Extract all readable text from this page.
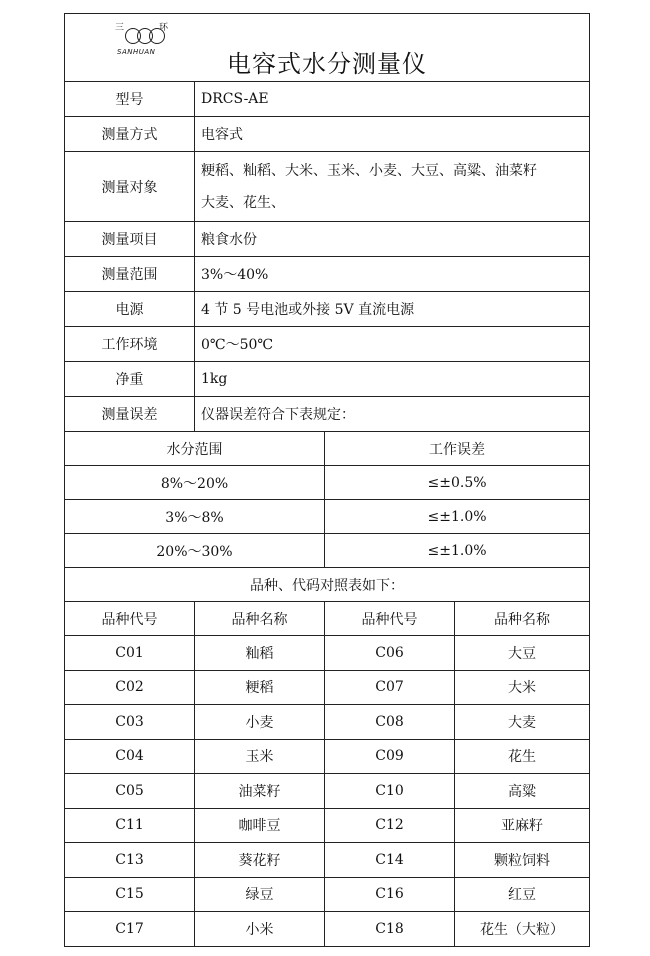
三 环
SANHUAN 电容式水分测量仪			

型号	DRCS-AE		
测量方式	电容式		
测量对象	粳稻、籼稻、大米、玉米、小麦、大豆、高粱、油菜籽
大麦、花生、		

测量项目	粮食水份		
测量范围	3%～40%		
电源	4 节 5 号电池或外接 5V 直流电源		
工作环境	0℃～50℃		
净重	1kg		
测量误差	仪器误差符合下表规定：		
水分范围		工作误差	
8%～20%		≤±0.5%	
3%～8%		≤±1.0%	
20%～30%		≤±1.0%	
品种、代码对照表如下：			
品种代号	品种名称	品种代号	品种名称
C01	籼稻	C06	大豆
C02	粳稻	C07	大米
C03	小麦	C08	大麦
C04	玉米	C09	花生
C05	油菜籽	C10	高粱
C11	咖啡豆	C12	亚麻籽
C13	葵花籽	C14	颗粒饲料
C15	绿豆	C16	红豆
C17	小米	C18	花生（大粒）
